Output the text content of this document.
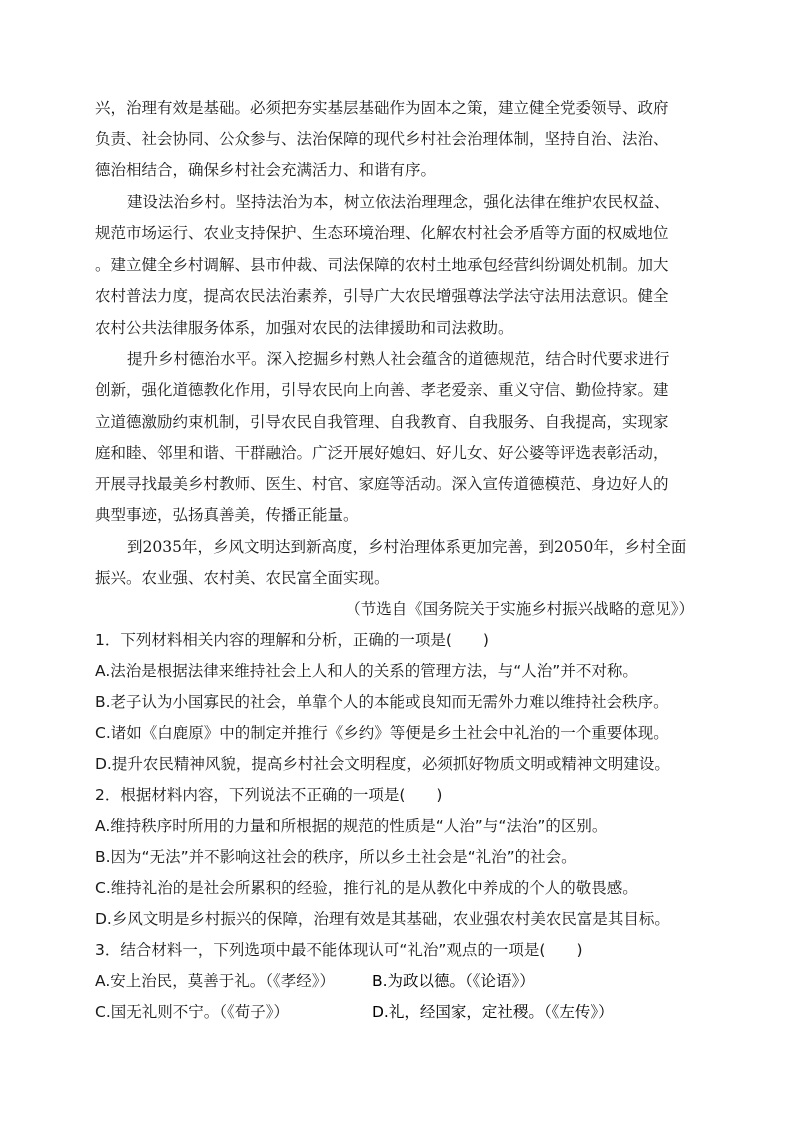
兴，治理有效是基础。必须把夯实基层基础作为固本之策，建立健全党委领导、政府
负责、社会协同、公众参与、法治保障的现代乡村社会治理体制，坚持自治、法治、
德治相结合，确保乡村社会充满活力、和谐有序。
建设法治乡村。坚持法治为本，树立依法治理理念，强化法律在维护农民权益、
规范市场运行、农业支持保护、生态环境治理、化解农村社会矛盾等方面的权威地位
。建立健全乡村调解、县市仲裁、司法保障的农村土地承包经营纠纷调处机制。加大
农村普法力度，提高农民法治素养，引导广大农民增强尊法学法守法用法意识。健全
农村公共法律服务体系，加强对农民的法律援助和司法救助。
提升乡村德治水平。深入挖掘乡村熟人社会蕴含的道德规范，结合时代要求进行
创新，强化道德教化作用，引导农民向上向善、孝老爱亲、重义守信、勤俭持家。建
立道德激励约束机制，引导农民自我管理、自我教育、自我服务、自我提高，实现家
庭和睦、邻里和谐、干群融洽。广泛开展好媳妇、好儿女、好公婆等评选表彰活动，
开展寻找最美乡村教师、医生、村官、家庭等活动。深入宣传道德模范、身边好人的
典型事迹，弘扬真善美，传播正能量。
到2035年，乡风文明达到新高度，乡村治理体系更加完善，到2050年，乡村全面
振兴。农业强、农村美、农民富全面实现。
（节选自《国务院关于实施乡村振兴战略的意见》）
1．下列材料相关内容的理解和分析，正确的一项是(　　)
A.法治是根据法律来维持社会上人和人的关系的管理方法，与“人治”并不对称。
B.老子认为小国寡民的社会，单靠个人的本能或良知而无需外力难以维持社会秩序。
C.诸如《白鹿原》中的制定并推行《乡约》等便是乡土社会中礼治的一个重要体现。
D.提升农民精神风貌，提高乡村社会文明程度，必须抓好物质文明或精神文明建设。
2．根据材料内容，下列说法不正确的一项是(　　)
A.维持秩序时所用的力量和所根据的规范的性质是“人治”与“法治”的区别。
B.因为“无法”并不影响这社会的秩序，所以乡土社会是“礼治”的社会。
C.维持礼治的是社会所累积的经验，推行礼的是从教化中养成的个人的敬畏感。
D.乡风文明是乡村振兴的保障，治理有效是其基础，农业强农村美农民富是其目标。
3．结合材料一，下列选项中最不能体现认可“礼治”观点的一项是(　　)
A.安上治民，莫善于礼。（《孝经》） B.为政以德。（《论语》）
C.国无礼则不宁。（《荀子》）	D.礼，经国家，定社稷。（《左传》）
